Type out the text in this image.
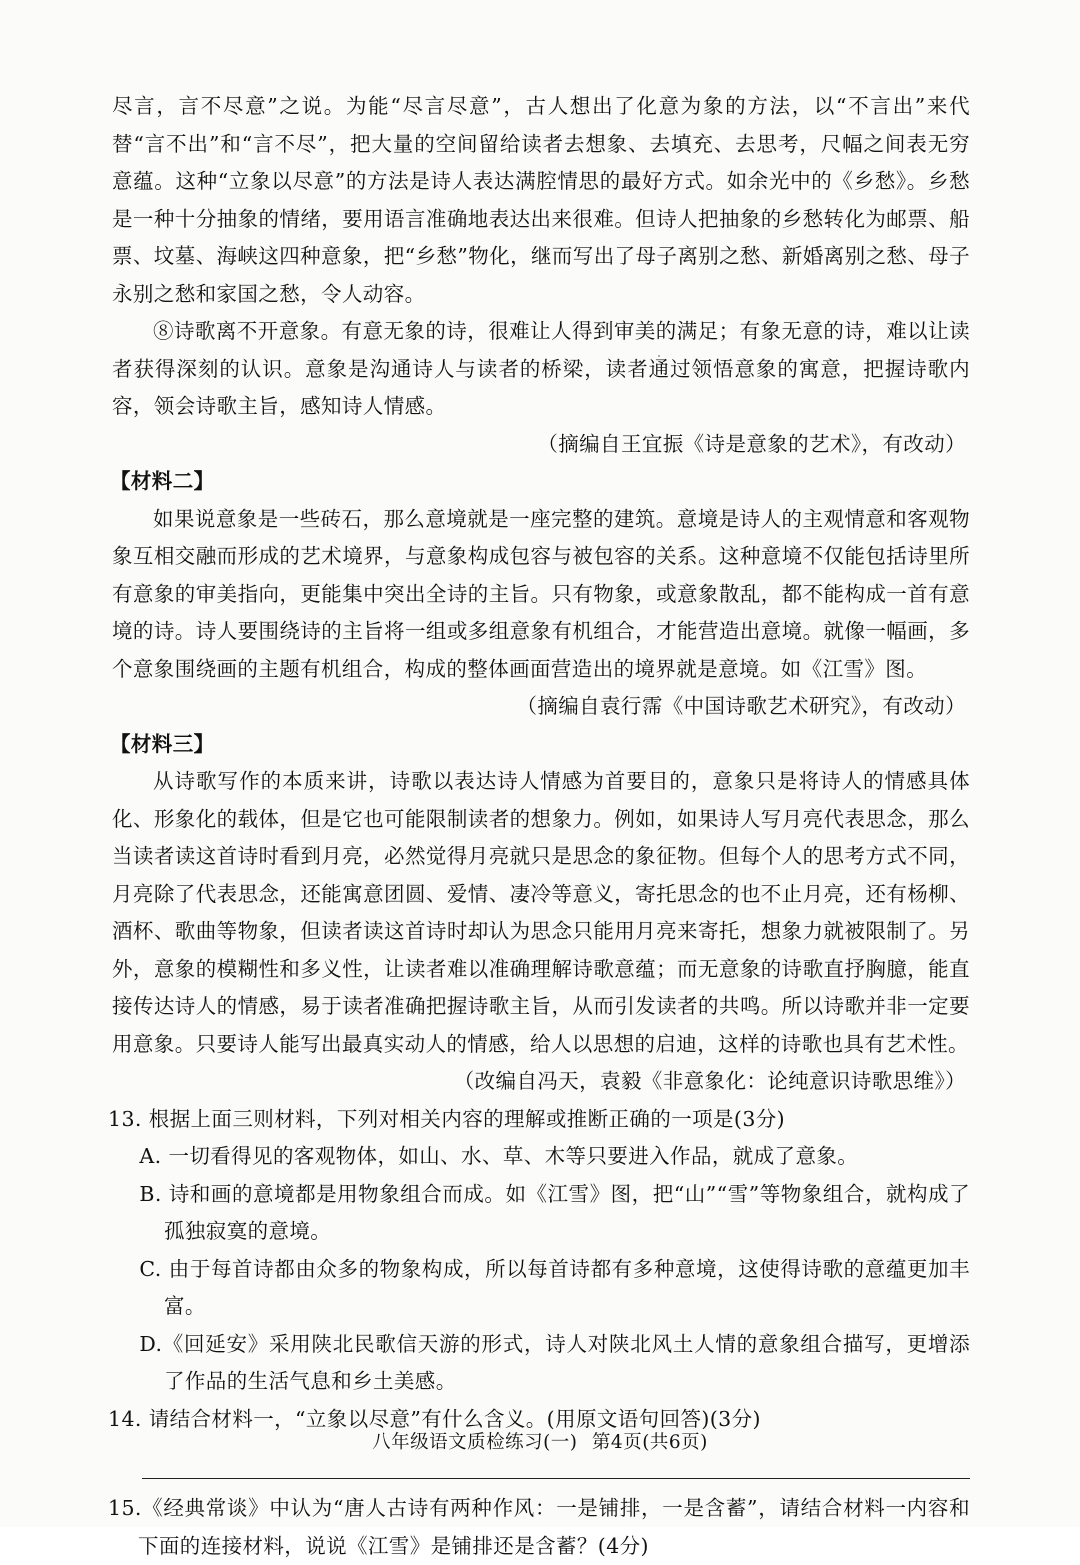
尽言，言不尽意”之说。为能“尽言尽意”，古人想出了化意为象的方法，以“不言出”来代替“言不出”和“言不尽”，把大量的空间留给读者去想象、去填充、去思考，尺幅之间表无穷意蕴。这种“立象以尽意”的方法是诗人表达满腔情思的最好方式。如余光中的《乡愁》。乡愁是一种十分抽象的情绪，要用语言准确地表达出来很难。但诗人把抽象的乡愁转化为邮票、船票、坟墓、海峡这四种意象，把“乡愁”物化，继而写出了母子离别之愁、新婚离别之愁、母子永别之愁和家国之愁，令人动容。

⑧诗歌离不开意象。有意无象的诗，很难让人得到审美的满足；有象无意的诗，难以让读者获得深刻的认识。意象是沟通诗人与读者的桥梁，读者通过领悟意象的寓意，把握诗歌内容，领会诗歌主旨，感知诗人情感。

（摘编自王宜振《诗是意象的艺术》，有改动）

【材料二】

如果说意象是一些砖石，那么意境就是一座完整的建筑。意境是诗人的主观情意和客观物象互相交融而形成的艺术境界，与意象构成包容与被包容的关系。这种意境不仅能包括诗里所有意象的审美指向，更能集中突出全诗的主旨。只有物象，或意象散乱，都不能构成一首有意境的诗。诗人要围绕诗的主旨将一组或多组意象有机组合，才能营造出意境。就像一幅画，多个意象围绕画的主题有机组合，构成的整体画面营造出的境界就是意境。如《江雪》图。

（摘编自袁行霈《中国诗歌艺术研究》，有改动）

【材料三】

从诗歌写作的本质来讲，诗歌以表达诗人情感为首要目的，意象只是将诗人的情感具体化、形象化的载体，但是它也可能限制读者的想象力。例如，如果诗人写月亮代表思念，那么当读者读这首诗时看到月亮，必然觉得月亮就只是思念的象征物。但每个人的思考方式不同，月亮除了代表思念，还能寓意团圆、爱情、凄冷等意义，寄托思念的也不止月亮，还有杨柳、酒杯、歌曲等物象，但读者读这首诗时却认为思念只能用月亮来寄托，想象力就被限制了。另外，意象的模糊性和多义性，让读者难以准确理解诗歌意蕴；而无意象的诗歌直抒胸臆，能直接传达诗人的情感，易于读者准确把握诗歌主旨，从而引发读者的共鸣。所以诗歌并非一定要用意象。只要诗人能写出最真实动人的情感，给人以思想的启迪，这样的诗歌也具有艺术性。

（改编自冯天，袁毅《非意象化：论纯意识诗歌思维》）

13. 根据上面三则材料，下列对相关内容的理解或推断正确的一项是(3分)

A. 一切看得见的客观物体，如山、水、草、木等只要进入作品，就成了意象。

B. 诗和画的意境都是用物象组合而成。如《江雪》图，把“山”“雪”等物象组合，就构成了孤独寂寞的意境。

C. 由于每首诗都由众多的物象构成，所以每首诗都有多种意境，这使得诗歌的意蕴更加丰富。

D.《回延安》采用陕北民歌信天游的形式，诗人对陕北风土人情的意象组合描写，更增添了作品的生活气息和乡土美感。

14. 请结合材料一，“立象以尽意”有什么含义。(用原文语句回答)(3分)

15.《经典常谈》中认为“唐人古诗有两种作风：一是铺排，一是含蓄”，请结合材料一内容和下面的连接材料，说说《江雪》是铺排还是含蓄？(4分)

八年级语文质检练习(一) 第4页(共6页)
